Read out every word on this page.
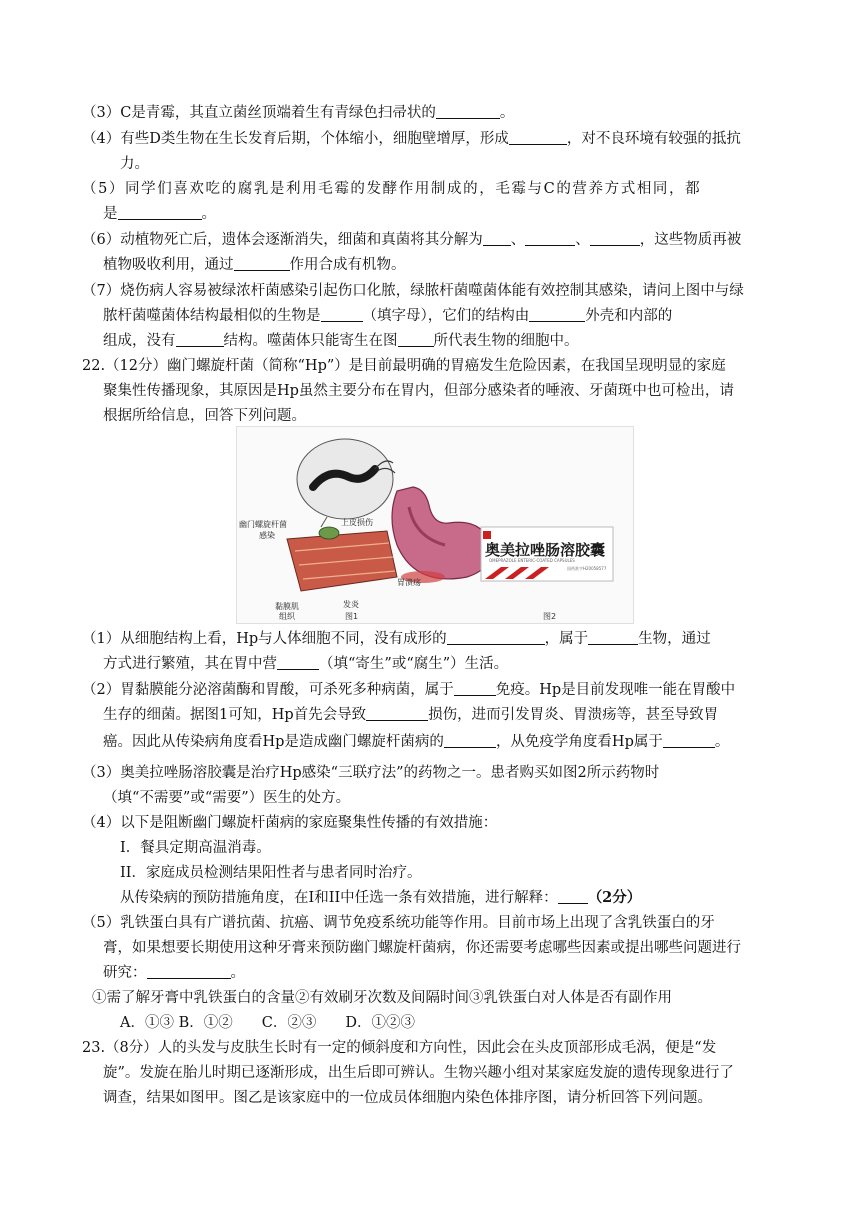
（3）C是青霉，其直立菌丝顶端着生有青绿色扫帚状的	。
（4）有些D类生物在生长发育后期，个体缩小，细胞壁增厚，形成	，对不良环境有较强的抵抗
力。
（5）同学们喜欢吃的腐乳是利用毛霉的发酵作用制成的，毛霉与C的营养方式相同，都
是	。
（6）动植物死亡后，遗体会逐渐消失，细菌和真菌将其分解为 、	、	，这些物质再被
植物吸收利用，通过	作用合成有机物。
（7）烧伤病人容易被绿浓杆菌感染引起伤口化脓，绿脓杆菌噬菌体能有效控制其感染，请问上图中与绿
脓杆菌噬菌体结构最相似的生物是	（填字母），它们的结构由	外壳和内部的
组成，没有	结构。噬菌体只能寄生在图 所代表生物的细胞中。
22.（12分）幽门螺旋杆菌（简称“Hp”）是目前最明确的胃癌发生危险因素，在我国呈现明显的家庭
聚集性传播现象，其原因是Hp虽然主要分布在胃内，但部分感染者的唾液、牙菌斑中也可检出，请
根据所给信息，回答下列问题。
幽门螺旋杆菌
感染
上皮损伤
黏膜肌
组织
发炎
胃溃疡
图1
奥美拉唑肠溶胶囊
OMEPRAZOLE ENTERIC-COATED CAPSULES
国药准字H20058577
图2
（1）从细胞结构上看，Hp与人体细胞不同，没有成形的	，属于	生物，通过
方式进行繁殖，其在胃中营	（填“寄生”或“腐生”）生活。
（2）胃黏膜能分泌溶菌酶和胃酸，可杀死多种病菌，属于	免疫。Hp是目前发现唯一能在胃酸中
生存的细菌。据图1可知，Hp首先会导致	损伤，进而引发胃炎、胃溃疡等，甚至导致胃
癌。因此从传染病角度看Hp是造成幽门螺旋杆菌病的	，从免疫学角度看Hp属于	。
（3）奥美拉唑肠溶胶囊是治疗Hp感染“三联疗法”的药物之一。患者购买如图2所示药物时
（填“不需要”或“需要”）医生的处方。
（4）以下是阻断幽门螺旋杆菌病的家庭聚集性传播的有效措施：
I．餐具定期高温消毒。
II．家庭成员检测结果阳性者与患者同时治疗。
从传染病的预防措施角度，在I和II中任选一条有效措施，进行解释： （2分）
（5）乳铁蛋白具有广谱抗菌、抗癌、调节免疫系统功能等作用。目前市场上出现了含乳铁蛋白的牙
膏，如果想要长期使用这种牙膏来预防幽门螺旋杆菌病，你还需要考虑哪些因素或提出哪些问题进行
研究：	。
①需了解牙膏中乳铁蛋白的含量②有效刷牙次数及间隔时间③乳铁蛋白对人体是否有副作用
A．①③ B．①②　　C．②③　　D．①②③
23.（8分）人的头发与皮肤生长时有一定的倾斜度和方向性，因此会在头皮顶部形成毛涡，便是“发
旋”。发旋在胎儿时期已逐渐形成，出生后即可辨认。生物兴趣小组对某家庭发旋的遗传现象进行了
调查，结果如图甲。图乙是该家庭中的一位成员体细胞内染色体排序图，请分析回答下列问题。
